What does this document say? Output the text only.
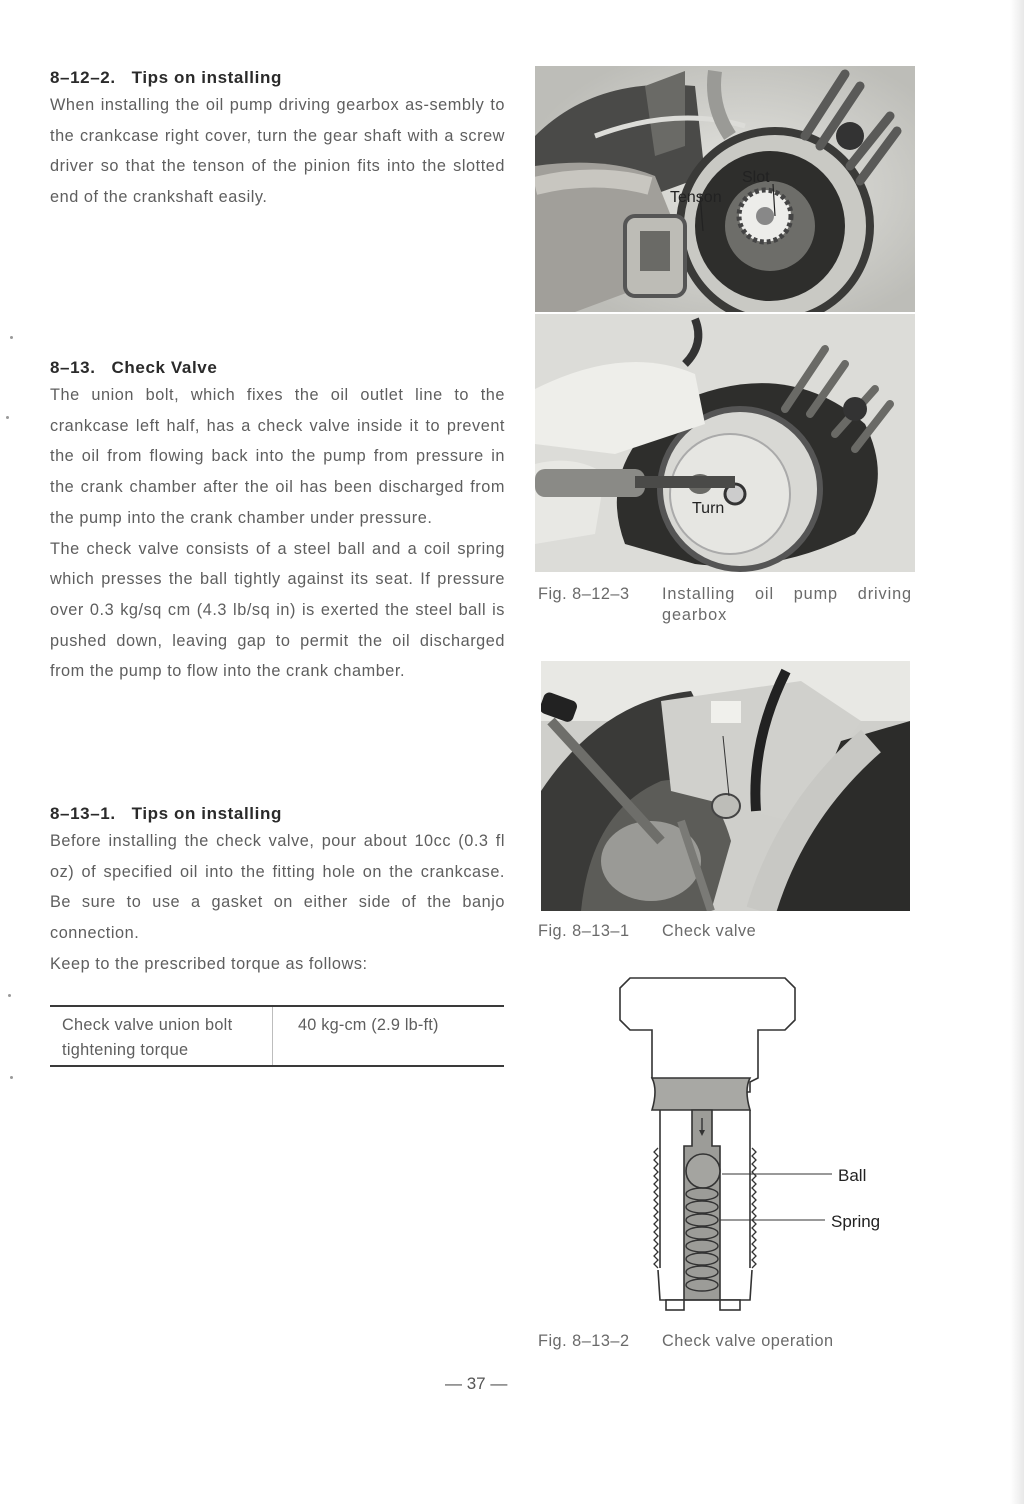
8–12–2. Tips on installing

When installing the oil pump driving gearbox as-sembly to the crankcase right cover, turn the gear shaft with a screw driver so that the tenson of the pinion fits into the slotted end of the crankshaft easily.

8–13. Check Valve

The union bolt, which fixes the oil outlet line to the crankcase left half, has a check valve inside it to prevent the oil from flowing back into the pump from pressure in the crank chamber after the oil has been discharged from the pump into the crank chamber under pressure.

The check valve consists of a steel ball and a coil spring which presses the ball tightly against its seat. If pressure over 0.3 kg/sq cm (4.3 lb/sq in) is exerted the steel ball is pushed down, leaving gap to permit the oil discharged from the pump to flow into the crank chamber.

8–13–1. Tips on installing

Before installing the check valve, pour about 10cc (0.3 fl oz) of specified oil into the fitting hole on the crankcase. Be sure to use a gasket on either side of the banjo connection.

Keep to the prescribed torque as follows:

Check valve union bolt tightening torque
40 kg-cm (2.9 lb-ft)
Tenson
Slot
Turn
Fig. 8–12–3 Installing oil pump driving gearbox
Fig. 8–13–1 Check valve
Ball
Spring
Fig. 8–13–2 Check valve operation
— 37 —
